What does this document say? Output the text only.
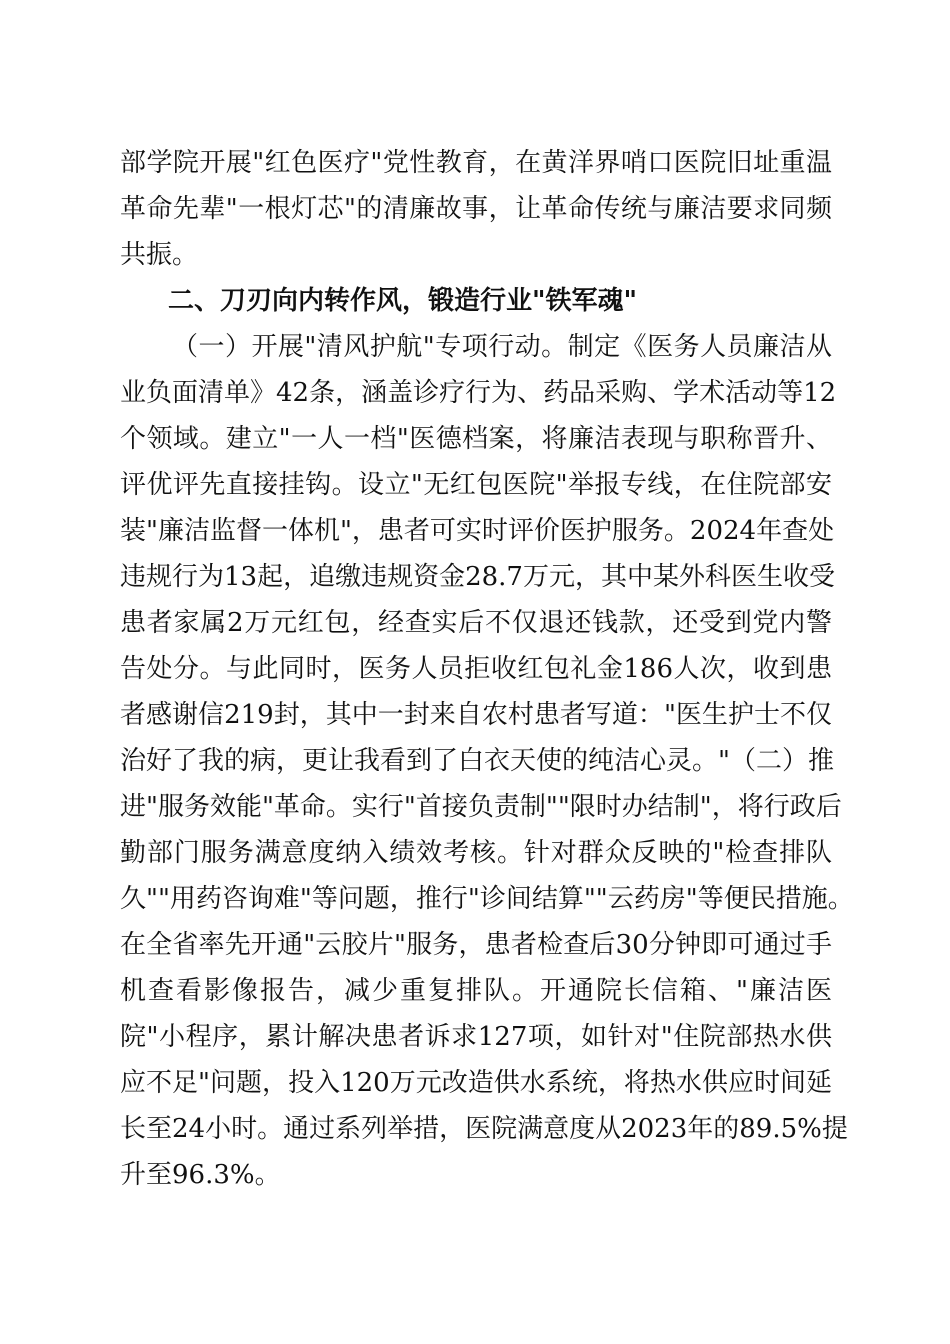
部学院开展"红色医疗"党性教育，在黄洋界哨口医院旧址重温
革命先辈"一根灯芯"的清廉故事，让革命传统与廉洁要求同频
共振。
二、刀刃向内转作风，锻造行业"铁军魂"
（一）开展"清风护航"专项行动。制定《医务人员廉洁从
业负面清单》42条，涵盖诊疗行为、药品采购、学术活动等12
个领域。建立"一人一档"医德档案，将廉洁表现与职称晋升、
评优评先直接挂钩。设立"无红包医院"举报专线，在住院部安
装"廉洁监督一体机"，患者可实时评价医护服务。2024年查处
违规行为13起，追缴违规资金28.7万元，其中某外科医生收受
患者家属2万元红包，经查实后不仅退还钱款，还受到党内警
告处分。与此同时，医务人员拒收红包礼金186人次，收到患
者感谢信219封，其中一封来自农村患者写道："医生护士不仅
治好了我的病，更让我看到了白衣天使的纯洁心灵。"（二）推
进"服务效能"革命。实行"首接负责制""限时办结制"，将行政后
勤部门服务满意度纳入绩效考核。针对群众反映的"检查排队
久""用药咨询难"等问题，推行"诊间结算""云药房"等便民措施。
在全省率先开通"云胶片"服务，患者检查后30分钟即可通过手
机查看影像报告，减少重复排队。开通院长信箱、"廉洁医
院"小程序，累计解决患者诉求127项，如针对"住院部热水供
应不足"问题，投入120万元改造供水系统，将热水供应时间延
长至24小时。通过系列举措，医院满意度从2023年的89.5%提
升至96.3%。
